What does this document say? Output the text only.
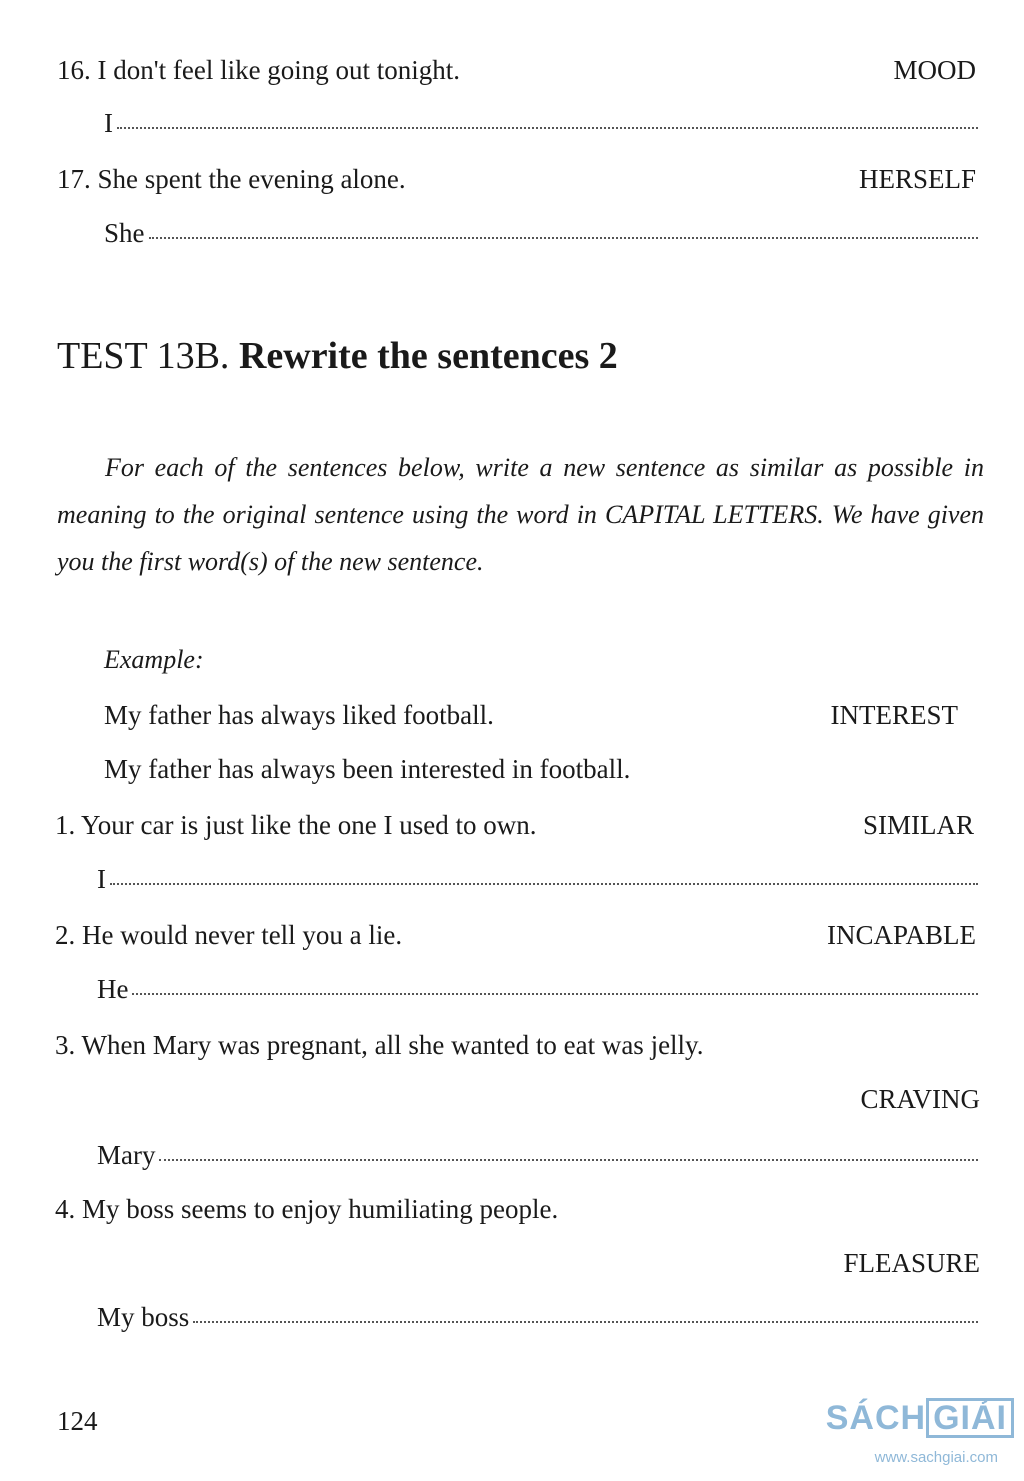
16. I don't feel like going out tonight.	MOOD
I
17. She spent the evening alone.	HERSELF
She
TEST 13B. Rewrite the sentences 2
For each of the sentences below, write a new sentence as similar as possible in meaning to the original sentence using the word in CAPITAL LETTERS. We have given you the first word(s) of the new sentence.
Example:
My father has always liked football.	INTEREST
My father has always been interested in football.
1. Your car is just like the one I used to own.	SIMILAR
I
2. He would never tell you a lie.	INCAPABLE
He
3. When Mary was pregnant, all she wanted to eat was jelly.
CRAVING
Mary
4. My boss seems to enjoy humiliating people.
FLEASURE
My boss
124	SÁCH GIẢI
www.sachgiai.com
